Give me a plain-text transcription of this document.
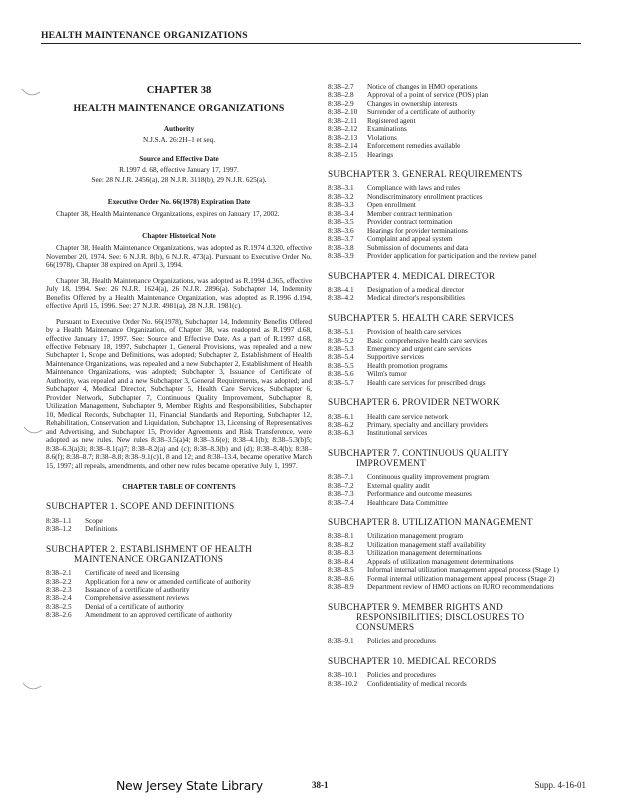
HEALTH MAINTENANCE ORGANIZATIONS
CHAPTER 38
HEALTH MAINTENANCE ORGANIZATIONS
Authority
N.J.S.A. 26:2H–1 et seq.
Source and Effective Date
R.1997 d. 68, effective January 17, 1997.
See: 28 N.J.R. 2456(a), 28 N.J.R. 3118(b), 29 N.J.R. 625(a).
Executive Order No. 66(1978) Expiration Date
Chapter 38, Health Maintenance Organizations, expires on January 17, 2002.
Chapter Historical Note
Chapter 38, Health Maintenance Organizations, was adopted as R.1974 d.320, effective November 20, 1974. See: 6 N.J.R. 8(b), 6 N.J.R. 473(a). Pursuant to Executive Order No. 66(1978), Chapter 38 expired on April 3, 1994.
Chapter 38, Health Maintenance Organizations, was adopted as R.1994 d.365, effective July 18, 1994. See: 26 N.J.R. 1624(a), 26 N.J.R. 2896(a). Subchapter 14, Indemnity Benefits Offered by a Health Maintenance Organization, was adopted as R.1996 d.194, effective April 15, 1996. See: 27 N.J.R. 4981(a), 28 N.J.R. 1981(c).
Pursuant to Executive Order No. 66(1978), Subchapter 14, Indemnity Benefits Offered by a Health Maintenance Organization, of Chapter 38, was readopted as R.1997 d.68, effective January 17, 1997. See: Source and Effective Date. As a part of R.1997 d.68, effective February 18, 1997, Subchapter 1, General Provisions, was repealed and a new Subchapter 1, Scope and Definitions, was adopted; Subchapter 2, Establishment of Health Maintenance Organizations, was repealed and a new Subchapter 2, Establishment of Health Maintenance Organizations, was adopted; Subchapter 3, Issuance of Certificate of Authority, was repealed and a new Subchapter 3, General Requirements, was adopted; and Subchapter 4, Medical Director, Subchapter 5, Health Care Services, Subchapter 6, Provider Network, Subchapter 7, Continuous Quality Improvement, Subchapter 8, Utilization Management, Subchapter 9, Member Rights and Responsibilities, Subchapter 10, Medical Records, Subchapter 11, Financial Standards and Reporting, Subchapter 12, Rehabilitation, Conservation and Liquidation, Subchapter 13, Licensing of Representatives and Advertising, and Subchapter 15, Provider Agreements and Risk Transference, were adopted as new rules. New rules 8:38–3.5(a)4; 8:38–3.6(e); 8:38–4.1(b); 8:38–5.3(b)5; 8:38–6.3(a)3i; 8:38–8.1(a)7; 8:38–8.2(a) and (c); 8:38–8.3(b) and (d); 8:38–8.4(b); 8:38–8.6(f); 8:38–8.7; 8:38–8.8; 8:38–9.1(c)1, 8 and 12; and 8:38–13.4, became operative March 15, 1997; all repeals, amendments, and other new rules became operative July 1, 1997.
CHAPTER TABLE OF CONTENTS
SUBCHAPTER 1. SCOPE AND DEFINITIONS
8:38–1.1	Scope
8:38–1.2	Definitions
SUBCHAPTER 2. ESTABLISHMENT OF HEALTH
MAINTENANCE ORGANIZATIONS
8:38–2.1	Certificate of need and licensing
8:38–2.2	Application for a new or amended certificate of authority
8:38–2.3	Issuance of a certificate of authority
8:38–2.4	Comprehensive assessment reviews
8:38–2.5	Denial of a certificate of authority
8:38–2.6	Amendment to an approved certificate of authority
8:38–2.7	Notice of changes in HMO operations
8:38–2.8	Approval of a point of service (POS) plan
8:38–2.9	Changes in ownership interests
8:38–2.10	Surrender of a certificate of authority
8:38–2.11	Registered agent
8:38–2.12	Examinations
8:38–2.13	Violations
8:38–2.14	Enforcement remedies available
8:38–2.15	Hearings
SUBCHAPTER 3. GENERAL REQUIREMENTS
8:38–3.1	Compliance with laws and rules
8:38–3.2	Nondiscriminatory enrollment practices
8:38–3.3	Open enrollment
8:38–3.4	Member contract termination
8:38–3.5	Provider contract termination
8:38–3.6	Hearings for provider terminations
8:38–3.7	Complaint and appeal system
8:38–3.8	Submission of documents and data
8:38–3.9	Provider application for participation and the review panel
SUBCHAPTER 4. MEDICAL DIRECTOR
8:38–4.1	Designation of a medical director
8:38–4.2	Medical director's responsibilities
SUBCHAPTER 5. HEALTH CARE SERVICES
8:38–5.1	Provision of health care services
8:38–5.2	Basic comprehensive health care services
8:38–5.3	Emergency and urgent care services
8:38–5.4	Supportive services
8:38–5.5	Health promotion programs
8:38–5.6	Wilm's tumor
8:38–5.7	Health care services for prescribed drugs
SUBCHAPTER 6. PROVIDER NETWORK
8:38–6.1	Health care service network
8:38–6.2	Primary, specialty and ancillary providers
8:38–6.3	Institutional services
SUBCHAPTER 7. CONTINUOUS QUALITY
IMPROVEMENT
8:38–7.1	Continuous quality improvement program
8:38–7.2	External quality audit
8:38–7.3	Performance and outcome measures
8:38–7.4	Healthcare Data Committee
SUBCHAPTER 8. UTILIZATION MANAGEMENT
8:38–8.1	Utilization management program
8:38–8.2	Utilization management staff availability
8:38–8.3	Utilization management determinations
8:38–8.4	Appeals of utilization management determinations
8:38–8.5	Informal internal utilization management appeal process (Stage 1)
8:38–8.6	Formal internal utilization management appeal process (Stage 2)
8:38–8.9	Department review of HMO actions on IURO recommendations
SUBCHAPTER 9. MEMBER RIGHTS AND
RESPONSIBILITIES; DISCLOSURES TO
CONSUMERS
8:38–9.1	Policies and procedures
SUBCHAPTER 10. MEDICAL RECORDS
8:38–10.1	Policies and procedures
8:38–10.2	Confidentiality of medical records
New Jersey State Library	38-1	Supp. 4-16-01
